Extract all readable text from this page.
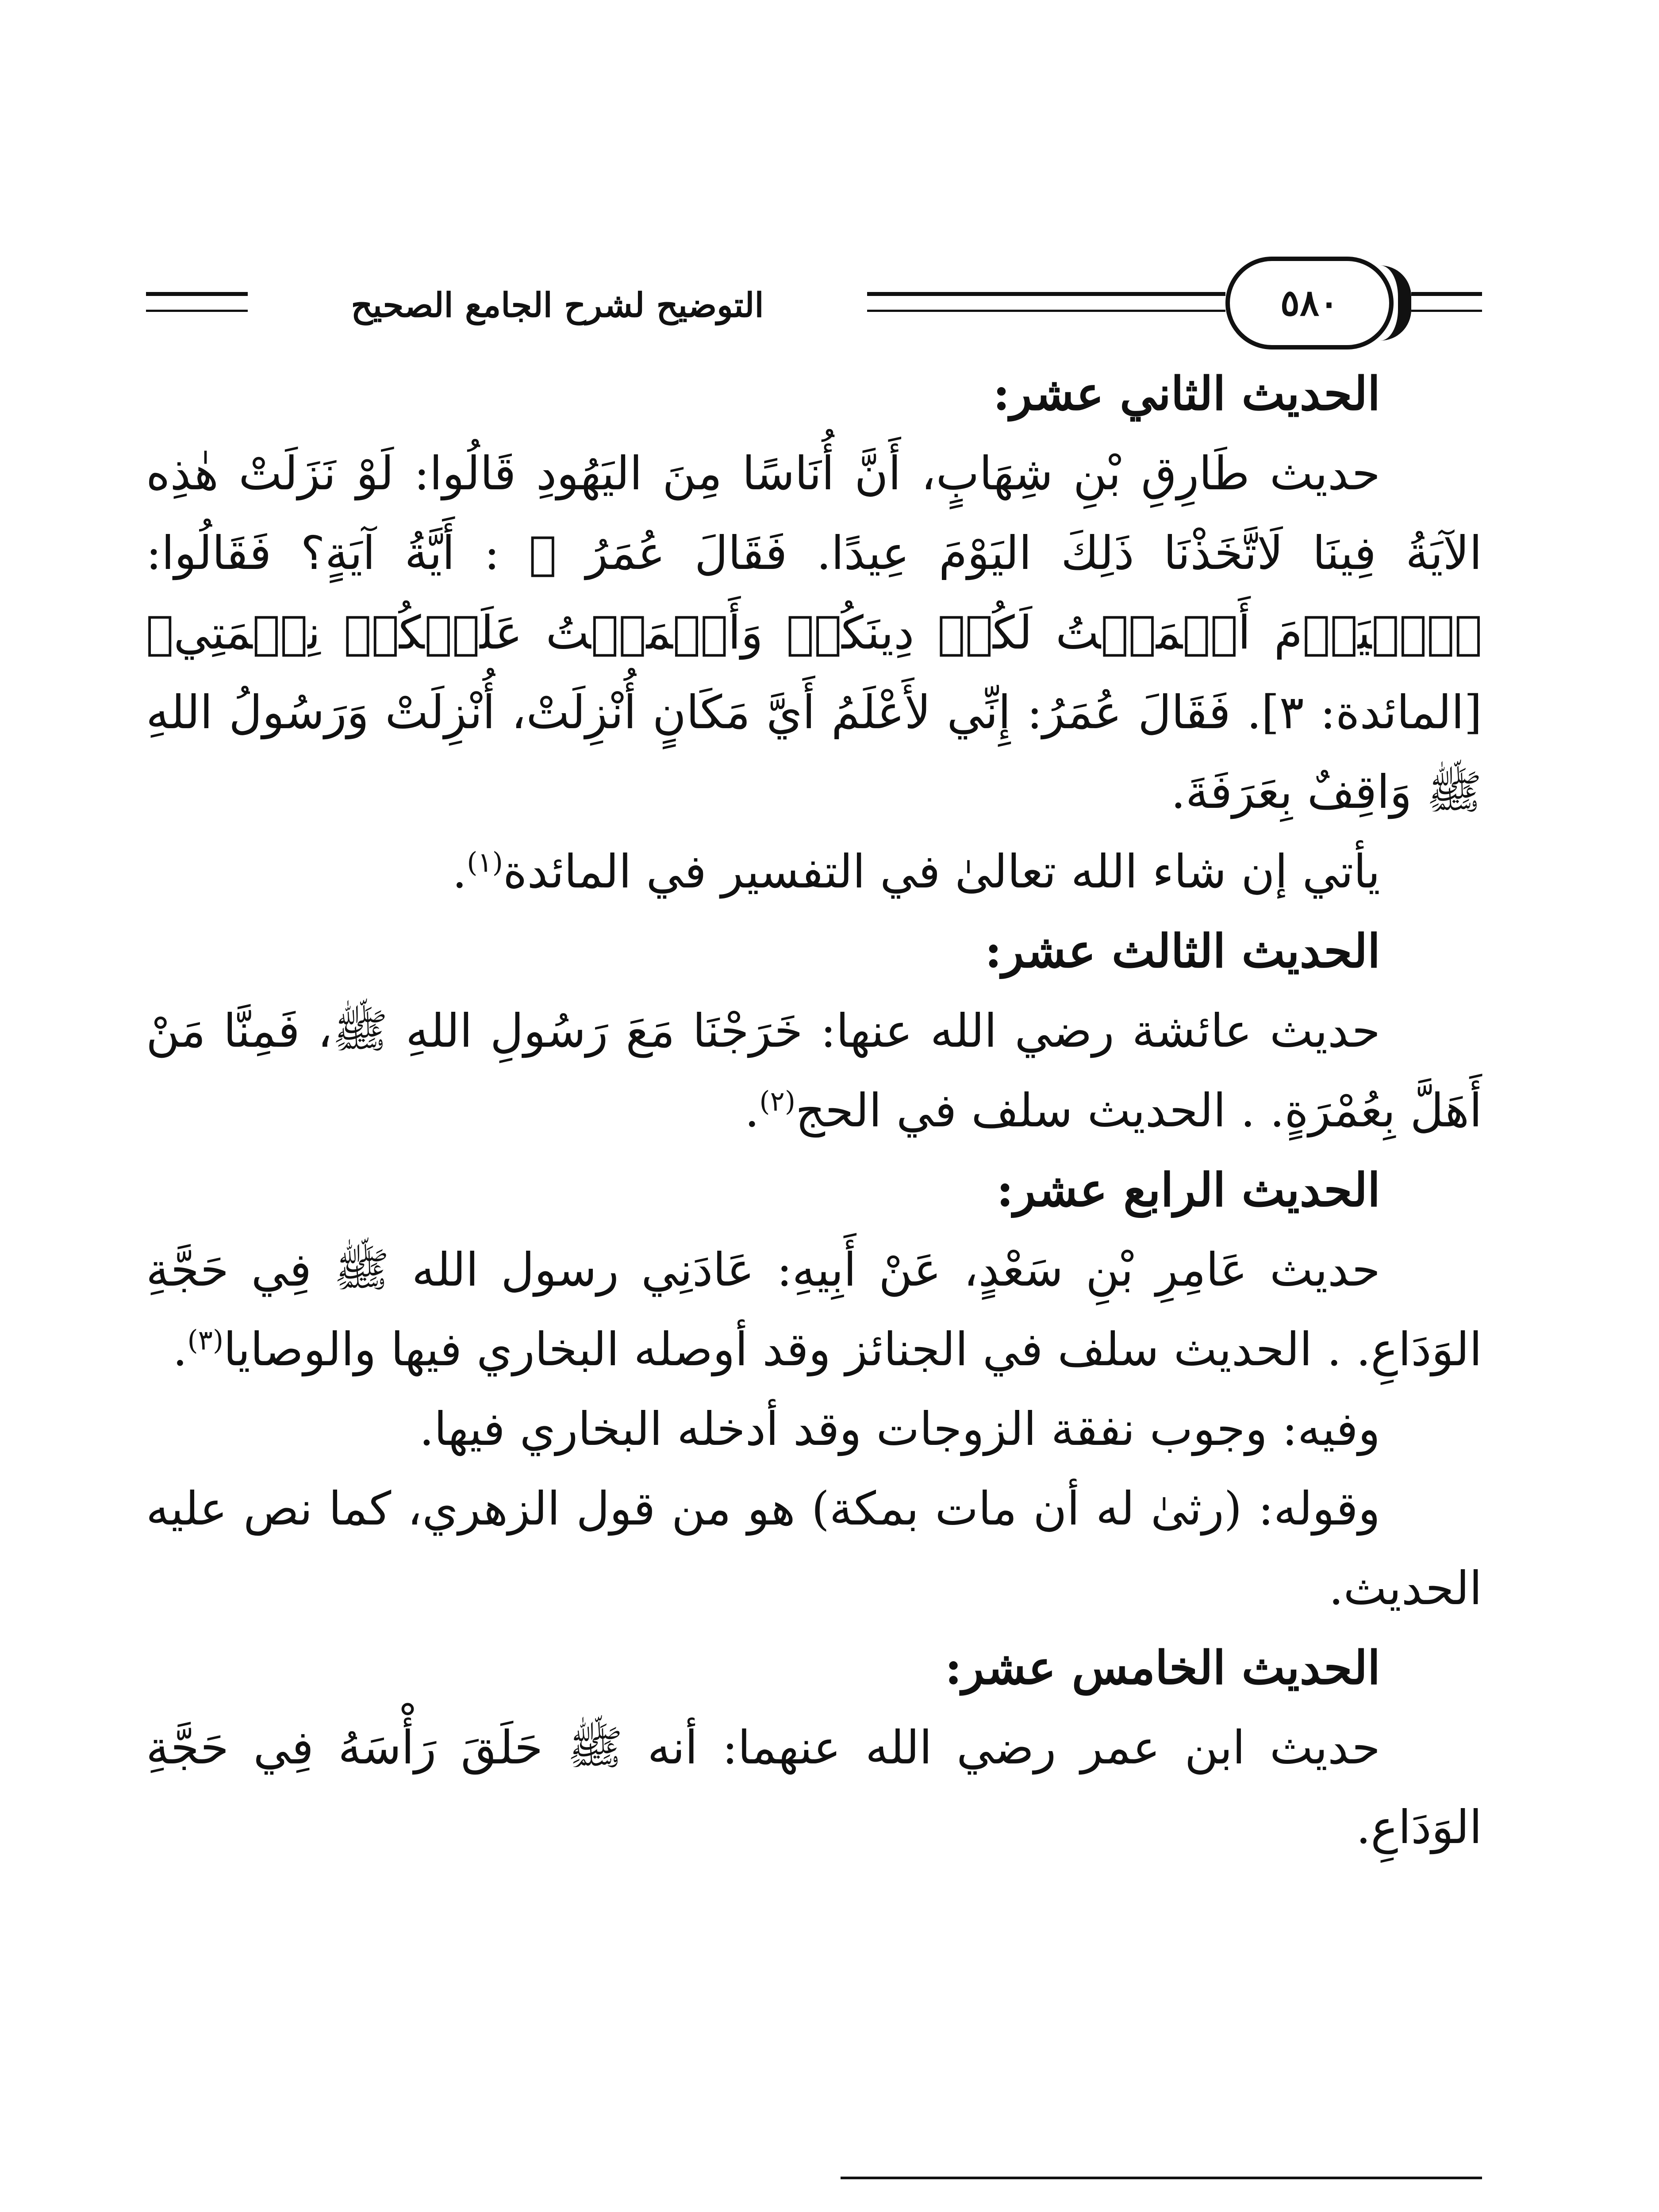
التوضيح لشرح الجامع الصحيح	٥٨٠

الحديث الثاني عشر:

حديث طَارِقِ بْنِ شِهَابٍ، أَنَّ أُنَاسًا مِنَ اليَهُودِ قَالُوا: لَوْ نَزَلَتْ هٰذِه الآيَةُ فِينَا لَاتَّخَذْنَا ذَلِكَ اليَوْمَ عِيدًا. فَقَالَ عُمَرُ ﷺ : أَيَّةُ آيَةٍ؟ فَقَالُوا: ﴿ٱلۡيَوۡمَ أَكۡمَلۡتُ لَكُمۡ دِينَكُمۡ وَأَتۡمَمۡتُ عَلَيۡكُمۡ نِعۡمَتِي﴾ [المائدة: ٣]. فَقَالَ عُمَرُ: إِنِّي لأَعْلَمُ أَيَّ مَكَانٍ أُنْزِلَتْ، أُنْزِلَتْ وَرَسُولُ اللهِ ﷺ وَاقِفٌ بِعَرَفَةَ.

يأتي إن شاء الله تعالىٰ في التفسير في المائدة$^{(١)}$.

الحديث الثالث عشر:

حديث عائشة رضي الله عنها: خَرَجْنَا مَعَ رَسُولِ اللهِ ﷺ، فَمِنَّا مَنْ أَهَلَّ بِعُمْرَةٍ. . الحديث سلف في الحج$^{(٢)}$.

الحديث الرابع عشر:

حديث عَامِرِ بْنِ سَعْدٍ، عَنْ أَبِيهِ: عَادَنِي رسول الله ﷺ فِي حَجَّةِ الوَدَاعِ. . الحديث سلف في الجنائز وقد أوصله البخاري فيها والوصايا$^{(٣)}$.

وفيه: وجوب نفقة الزوجات وقد أدخله البخاري فيها.

وقوله: (رثىٰ له أن مات بمكة) هو من قول الزهري، كما نص عليه الحديث.

الحديث الخامس عشر:

حديث ابن عمر رضي الله عنهما: أنه ﷺ حَلَقَ رَأْسَهُ فِي حَجَّةِ الوَدَاعِ.
